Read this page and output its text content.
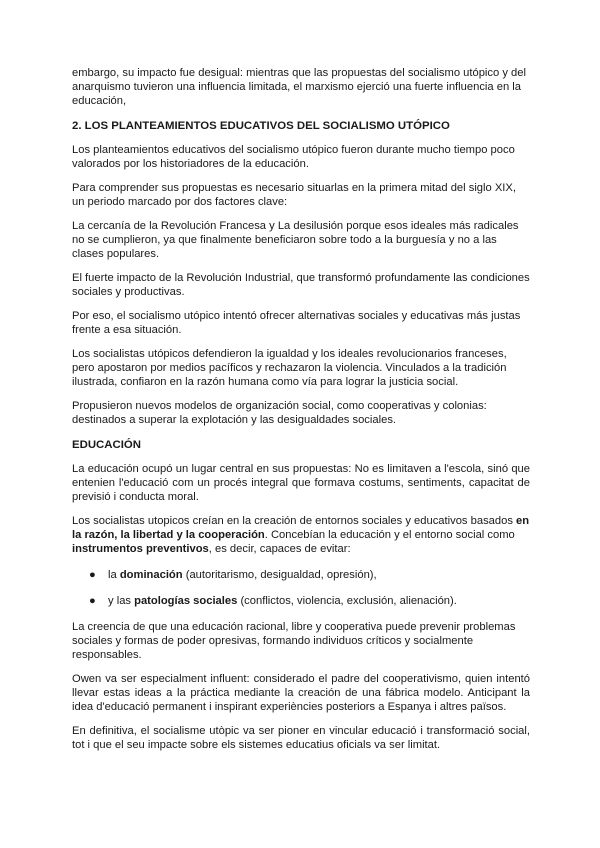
embargo, su impacto fue desigual: mientras que las propuestas del socialismo utópico y del anarquismo tuvieron una influencia limitada, el marxismo ejerció una fuerte influencia en la educación,

2. LOS PLANTEAMIENTOS EDUCATIVOS DEL SOCIALISMO UTÓPICO

Los planteamientos educativos del socialismo utópico fueron durante mucho tiempo poco valorados por los historiadores de la educación.

Para comprender sus propuestas es necesario situarlas en la primera mitad del siglo XIX, un periodo marcado por dos factores clave:

La cercanía de la Revolución Francesa y La desilusión porque esos ideales más radicales no se cumplieron, ya que finalmente beneficiaron sobre todo a la burguesía y no a las clases populares.

El fuerte impacto de la Revolución Industrial, que transformó profundamente las condiciones sociales y productivas.

Por eso, el socialismo utópico intentó ofrecer alternativas sociales y educativas más justas frente a esa situación.

Los socialistas utópicos defendieron la igualdad y los ideales revolucionarios franceses, pero apostaron por medios pacíficos y rechazaron la violencia. Vinculados a la tradición ilustrada, confiaron en la razón humana como vía para lograr la justicia social.

Propusieron nuevos modelos de organización social, como cooperativas y colonias: destinados a superar la explotación y las desigualdades sociales.

EDUCACIÓN

La educación ocupó un lugar central en sus propuestas: No es limitaven a l'escola, sinó que entenien l'educació com un procés integral que formava costums, sentiments, capacitat de previsió i conducta moral.

Los socialistas utopicos creían en la creación de entornos sociales y educativos basados en la razón, la libertad y la cooperación. Concebían la educación y el entorno social como instrumentos preventivos, es decir, capaces de evitar:

● la dominación (autoritarismo, desigualdad, opresión),
● y las patologías sociales (conflictos, violencia, exclusión, alienación).

La creencia de que una educación racional, libre y cooperativa puede prevenir problemas sociales y formas de poder opresivas, formando individuos críticos y socialmente responsables.

Owen va ser especialment influent: considerado el padre del cooperativismo, quien intentó llevar estas ideas a la práctica mediante la creación de una fábrica modelo. Anticipant la idea d'educació permanent i inspirant experiències posteriors a Espanya i altres països.

En definitiva, el socialisme utòpic va ser pioner en vincular educació i transformació social, tot i que el seu impacte sobre els sistemes educatius oficials va ser limitat.
